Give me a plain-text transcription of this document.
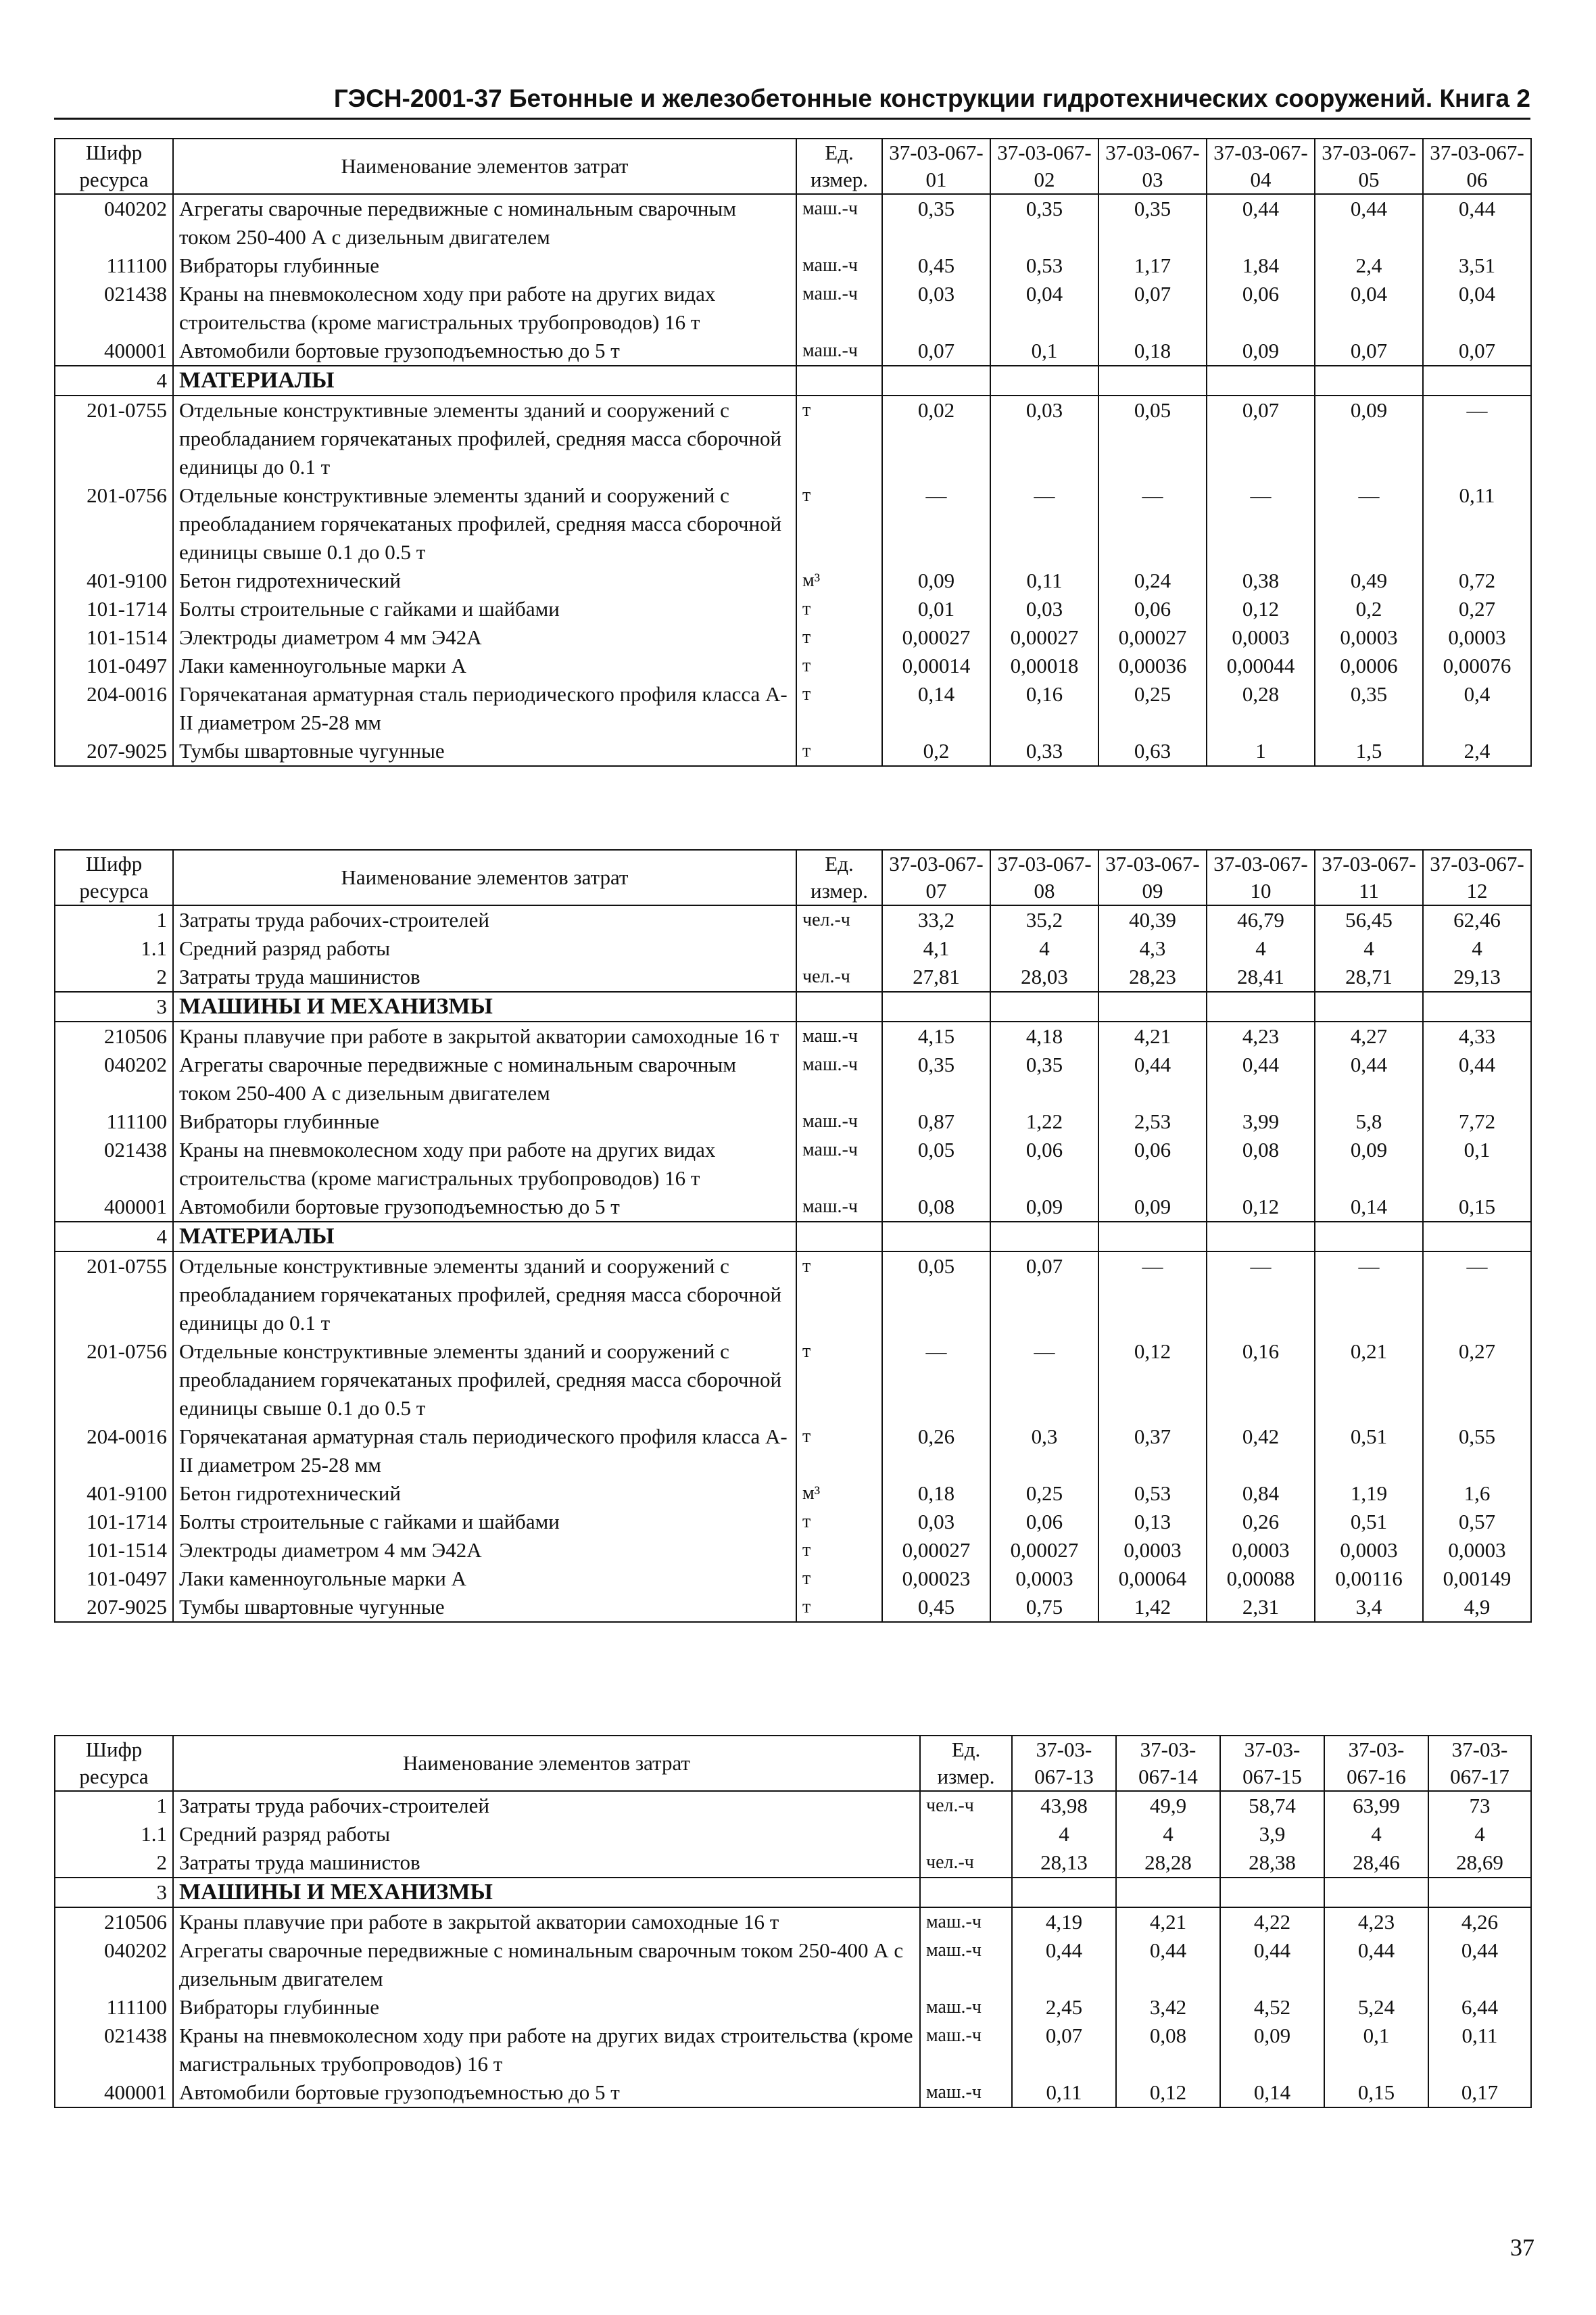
ГЭСН-2001-37 Бетонные и железобетонные конструкции гидротехнических сооружений. Книга 2
Шифр ресурса	Наименование элементов затрат	Ед. измер.	37-03-067-01	37-03-067-02	37-03-067-03	37-03-067-04	37-03-067-05	37-03-067-06
040202	Агрегаты сварочные передвижные с номинальным сварочным током 250-400 А с дизельным двигателем	маш.-ч	0,35	0,35	0,35	0,44	0,44	0,44
111100	Вибраторы глубинные	маш.-ч	0,45	0,53	1,17	1,84	2,4	3,51
021438	Краны на пневмоколесном ходу при работе на других видах строительства (кроме магистральных трубопроводов) 16 т	маш.-ч	0,03	0,04	0,07	0,06	0,04	0,04
400001	Автомобили бортовые грузоподъемностью до 5 т	маш.-ч	0,07	0,1	0,18	0,09	0,07	0,07
4	МАТЕРИАЛЫ							
201-0755	Отдельные конструктивные элементы зданий и сооружений с преобладанием горячекатаных профилей, средняя масса сборочной единицы до 0.1 т	т	0,02	0,03	0,05	0,07	0,09	—
201-0756	Отдельные конструктивные элементы зданий и сооружений с преобладанием горячекатаных профилей, средняя масса сборочной единицы свыше 0.1 до 0.5 т	т	—	—	—	—	—	0,11
401-9100	Бетон гидротехнический	м³	0,09	0,11	0,24	0,38	0,49	0,72
101-1714	Болты строительные с гайками и шайбами	т	0,01	0,03	0,06	0,12	0,2	0,27
101-1514	Электроды диаметром 4 мм Э42А	т	0,00027	0,00027	0,00027	0,0003	0,0003	0,0003
101-0497	Лаки каменноугольные марки А	т	0,00014	0,00018	0,00036	0,00044	0,0006	0,00076
204-0016	Горячекатаная арматурная сталь периодического профиля класса А-II диаметром 25-28 мм	т	0,14	0,16	0,25	0,28	0,35	0,4
207-9025	Тумбы швартовные чугунные	т	0,2	0,33	0,63	1	1,5	2,4
Шифр ресурса	Наименование элементов затрат	Ед. измер.	37-03-067-07	37-03-067-08	37-03-067-09	37-03-067-10	37-03-067-11	37-03-067-12
1	Затраты труда рабочих-строителей	чел.-ч	33,2	35,2	40,39	46,79	56,45	62,46
1.1	Средний разряд работы		4,1	4	4,3	4	4	4
2	Затраты труда машинистов	чел.-ч	27,81	28,03	28,23	28,41	28,71	29,13
3	МАШИНЫ И МЕХАНИЗМЫ							
210506	Краны плавучие при работе в закрытой акватории самоходные 16 т	маш.-ч	4,15	4,18	4,21	4,23	4,27	4,33
040202	Агрегаты сварочные передвижные с номинальным сварочным током 250-400 А с дизельным двигателем	маш.-ч	0,35	0,35	0,44	0,44	0,44	0,44
111100	Вибраторы глубинные	маш.-ч	0,87	1,22	2,53	3,99	5,8	7,72
021438	Краны на пневмоколесном ходу при работе на других видах строительства (кроме магистральных трубопроводов) 16 т	маш.-ч	0,05	0,06	0,06	0,08	0,09	0,1
400001	Автомобили бортовые грузоподъемностью до 5 т	маш.-ч	0,08	0,09	0,09	0,12	0,14	0,15
4	МАТЕРИАЛЫ							
201-0755	Отдельные конструктивные элементы зданий и сооружений с преобладанием горячекатаных профилей, средняя масса сборочной единицы до 0.1 т	т	0,05	0,07	—	—	—	—
201-0756	Отдельные конструктивные элементы зданий и сооружений с преобладанием горячекатаных профилей, средняя масса сборочной единицы свыше 0.1 до 0.5 т	т	—	—	0,12	0,16	0,21	0,27
204-0016	Горячекатаная арматурная сталь периодического профиля класса А-II диаметром 25-28 мм	т	0,26	0,3	0,37	0,42	0,51	0,55
401-9100	Бетон гидротехнический	м³	0,18	0,25	0,53	0,84	1,19	1,6
101-1714	Болты строительные с гайками и шайбами	т	0,03	0,06	0,13	0,26	0,51	0,57
101-1514	Электроды диаметром 4 мм Э42А	т	0,00027	0,00027	0,0003	0,0003	0,0003	0,0003
101-0497	Лаки каменноугольные марки А	т	0,00023	0,0003	0,00064	0,00088	0,00116	0,00149
207-9025	Тумбы швартовные чугунные	т	0,45	0,75	1,42	2,31	3,4	4,9
Шифр ресурса	Наименование элементов затрат	Ед. измер.	37-03-067-13	37-03-067-14	37-03-067-15	37-03-067-16	37-03-067-17
1	Затраты труда рабочих-строителей	чел.-ч	43,98	49,9	58,74	63,99	73
1.1	Средний разряд работы		4	4	3,9	4	4
2	Затраты труда машинистов	чел.-ч	28,13	28,28	28,38	28,46	28,69
3	МАШИНЫ И МЕХАНИЗМЫ						
210506	Краны плавучие при работе в закрытой акватории самоходные 16 т	маш.-ч	4,19	4,21	4,22	4,23	4,26
040202	Агрегаты сварочные передвижные с номинальным сварочным током 250-400 А с дизельным двигателем	маш.-ч	0,44	0,44	0,44	0,44	0,44
111100	Вибраторы глубинные	маш.-ч	2,45	3,42	4,52	5,24	6,44
021438	Краны на пневмоколесном ходу при работе на других видах строительства (кроме магистральных трубопроводов) 16 т	маш.-ч	0,07	0,08	0,09	0,1	0,11
400001	Автомобили бортовые грузоподъемностью до 5 т	маш.-ч	0,11	0,12	0,14	0,15	0,17
37
